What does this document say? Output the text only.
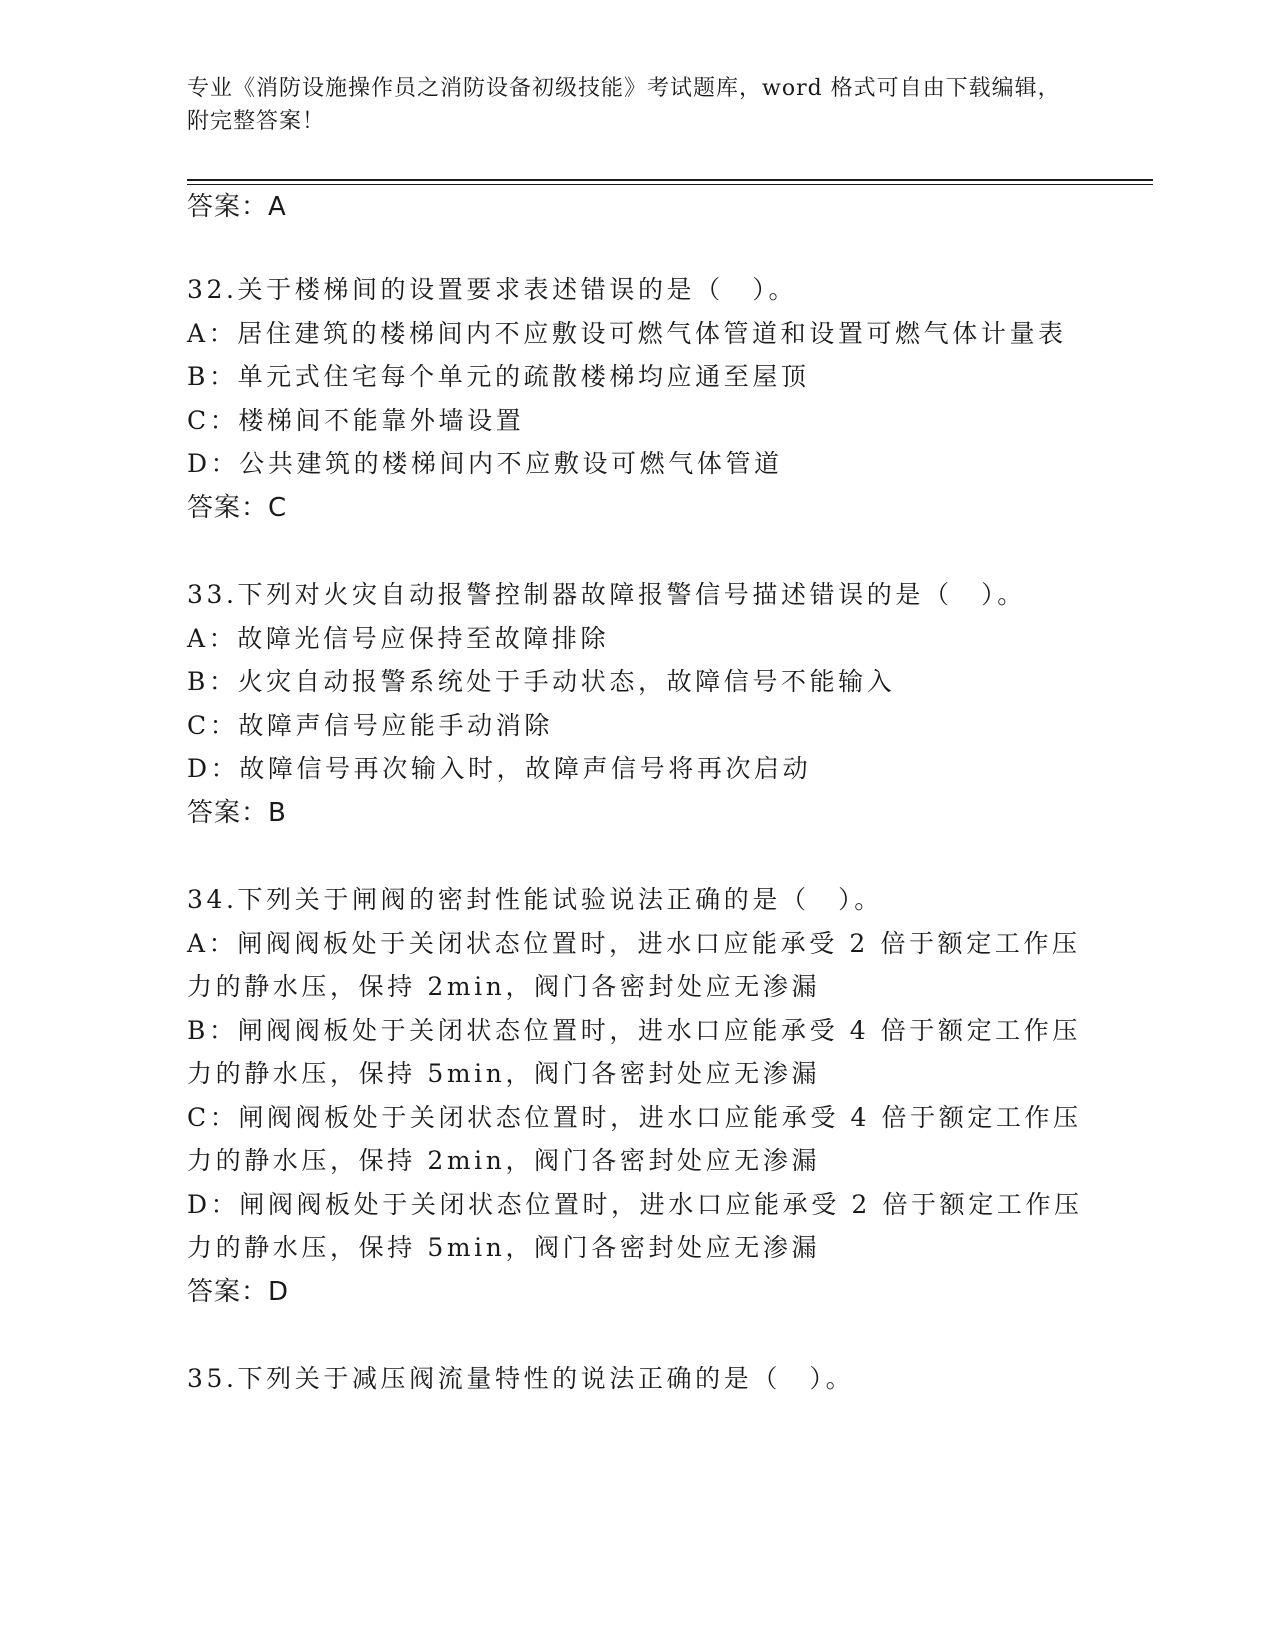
专业《消防设施操作员之消防设备初级技能》考试题库，word 格式可自由下载编辑，附完整答案！
答案：A
32.关于楼梯间的设置要求表述错误的是（　）。
A：居住建筑的楼梯间内不应敷设可燃气体管道和设置可燃气体计量表
B：单元式住宅每个单元的疏散楼梯均应通至屋顶
C：楼梯间不能靠外墙设置
D：公共建筑的楼梯间内不应敷设可燃气体管道
答案：C
33.下列对火灾自动报警控制器故障报警信号描述错误的是（　）。
A：故障光信号应保持至故障排除
B：火灾自动报警系统处于手动状态，故障信号不能输入
C：故障声信号应能手动消除
D：故障信号再次输入时，故障声信号将再次启动
答案：B
34.下列关于闸阀的密封性能试验说法正确的是（　）。
A：闸阀阀板处于关闭状态位置时，进水口应能承受 2 倍于额定工作压
力的静水压，保持 2min，阀门各密封处应无渗漏
B：闸阀阀板处于关闭状态位置时，进水口应能承受 4 倍于额定工作压
力的静水压，保持 5min，阀门各密封处应无渗漏
C：闸阀阀板处于关闭状态位置时，进水口应能承受 4 倍于额定工作压
力的静水压，保持 2min，阀门各密封处应无渗漏
D：闸阀阀板处于关闭状态位置时，进水口应能承受 2 倍于额定工作压
力的静水压，保持 5min，阀门各密封处应无渗漏
答案：D
35.下列关于减压阀流量特性的说法正确的是（　）。
